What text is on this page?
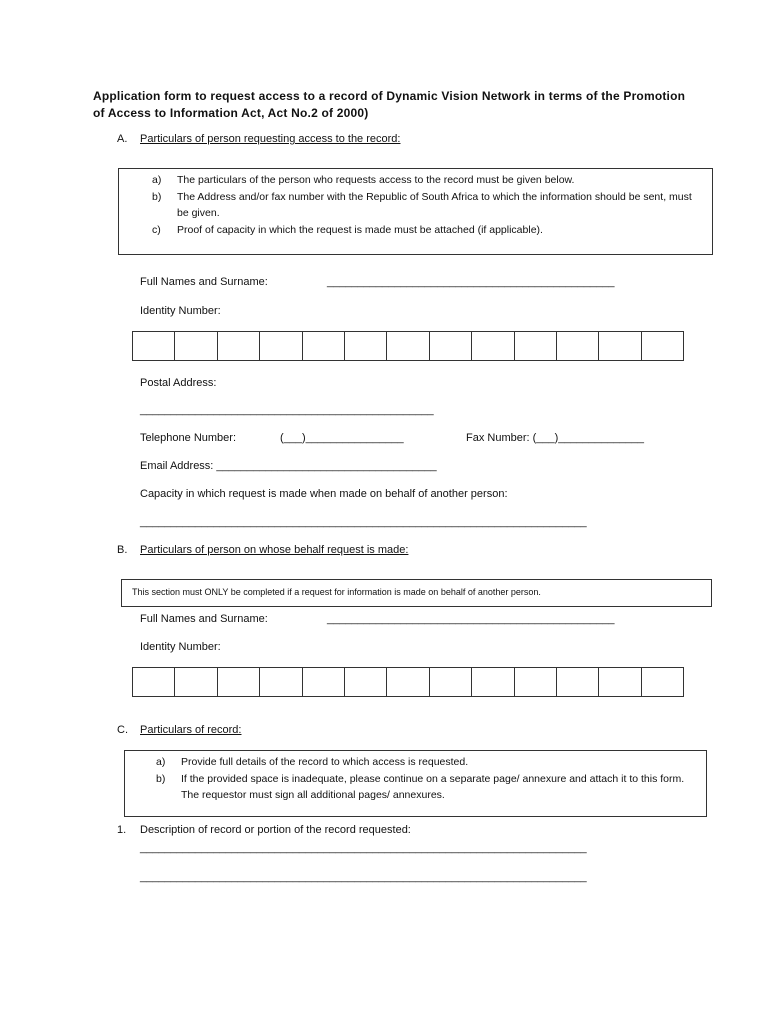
Application form to request access to a record of Dynamic Vision Network in terms of the Promotion of Access to Information Act, Act No.2 of 2000)
A. Particulars of person requesting access to the record:
a) The particulars of the person who requests access to the record must be given below.
b) The Address and/or fax number with the Republic of South Africa to which the information should be sent, must be given.
c) Proof of capacity in which the request is made must be attached (if applicable).
Full Names and Surname:	_______________________________________________
Identity Number:
Postal Address:
________________________________________________
Telephone Number:	(___)________________	Fax Number: (___)______________
Email Address: ____________________________________
Capacity in which request is made when made on behalf of another person:
_________________________________________________________________________
B. Particulars of person on whose behalf request is made:
This section must ONLY be completed if a request for information is made on behalf of another person.
Full Names and Surname:	_______________________________________________
Identity Number:
C. Particulars of record:
a) Provide full details of the record to which access is requested.
b) If the provided space is inadequate, please continue on a separate page/ annexure and attach it to this form. The requestor must sign all additional pages/ annexures.
1. Description of record or portion of the record requested:
_________________________________________________________________________
_________________________________________________________________________
